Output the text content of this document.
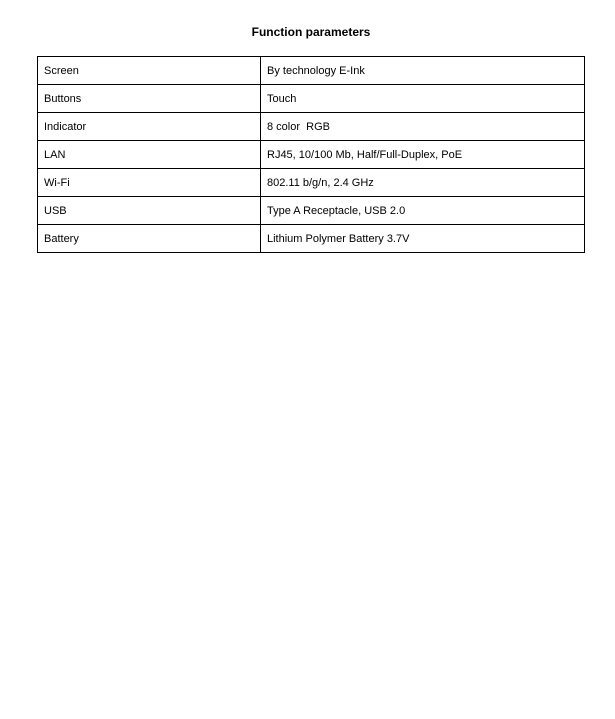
Function parameters
Screen	By technology E-Ink
Buttons	Touch
Indicator	8 color  RGB
LAN	RJ45, 10/100 Mb, Half/Full-Duplex, PoE
Wi-Fi	802.11 b/g/n, 2.4 GHz
USB	Type A Receptacle, USB 2.0
Battery	Lithium Polymer Battery 3.7V
